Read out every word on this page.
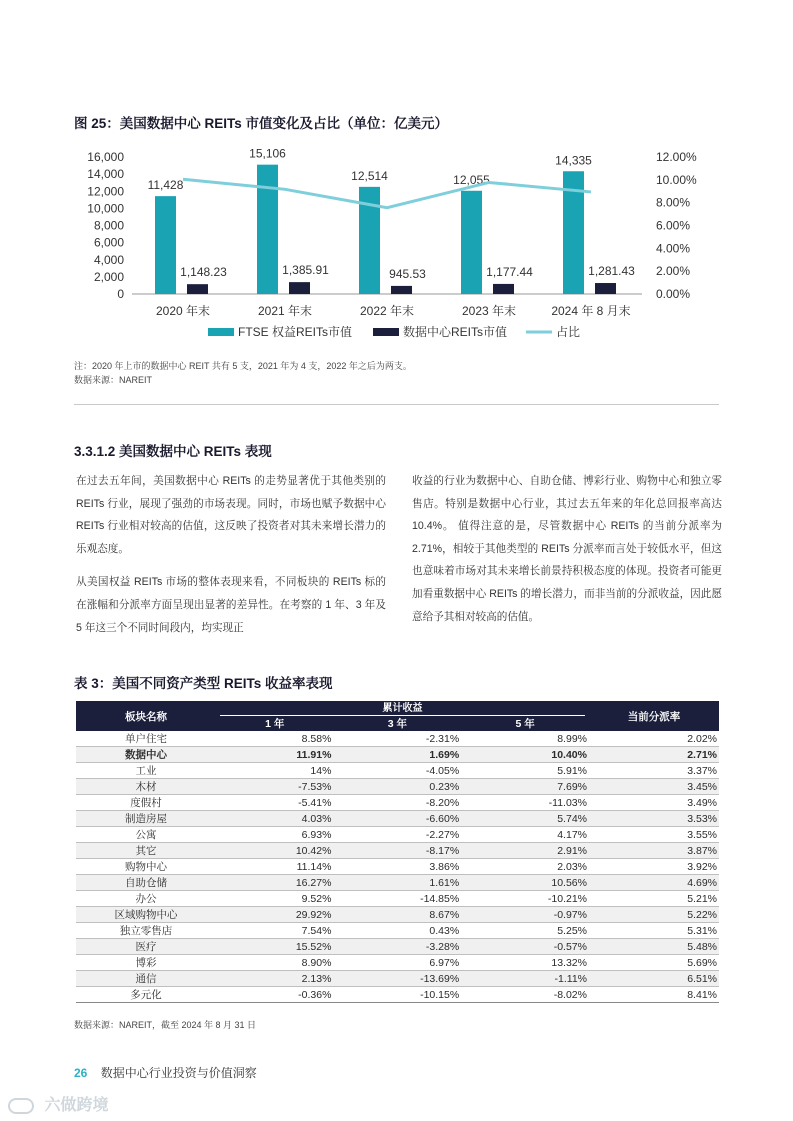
图 25：美国数据中心 REITs 市值变化及占比（单位：亿美元）
0
2,000
4,000
6,000
8,000
10,000
12,000
14,000
16,000
0.00%
2.00%
4.00%
6.00%
8.00%
10.00%
12.00%
11,428
1,148.23
2020 年末
15,106
1,385.91
2021 年末
12,514
945.53
2022 年末
12,055
1,177.44
2023 年末
14,335
1,281.43
2024 年 8 月末
FTSE 权益REITs市值	数据中心REITs市值	占比
注：2020 年上市的数据中心 REIT 共有 5 支，2021 年为 4 支，2022 年之后为两支。
数据来源：NAREIT
3.3.1.2 美国数据中心 REITs 表现

在过去五年间，美国数据中心 REITs 的走势显著优于其他类别的 REITs 行业，展现了强劲的市场表现。同时，市场也赋予数据中心 REITs 行业相对较高的估值，这反映了投资者对其未来增长潜力的乐观态度。

从美国权益 REITs 市场的整体表现来看，不同板块的 REITs 标的在涨幅和分派率方面呈现出显著的差异性。在考察的 1 年、3 年及 5 年这三个不同时间段内，均实现正

收益的行业为数据中心、自助仓储、博彩行业、购物中心和独立零售店。特别是数据中心行业，其过去五年来的年化总回报率高达 10.4%。 值得注意的是，尽管数据中心 REITs 的当前分派率为 2.71%，相较于其他类型的 REITs 分派率而言处于较低水平，但这也意味着市场对其未来增长前景持积极态度的体现。投资者可能更加看重数据中心 REITs 的增长潜力，而非当前的分派收益，因此愿意给予其相对较高的估值。

表 3：美国不同资产类型 REITs 收益率表现
板块名称	累计收益			当前分派率
	1 年	3 年	5 年	
单户住宅	8.58%	-2.31%	8.99%	2.02%
数据中心	11.91%	1.69%	10.40%	2.71%
工业	14%	-4.05%	5.91%	3.37%
木材	-7.53%	0.23%	7.69%	3.45%
度假村	-5.41%	-8.20%	-11.03%	3.49%
制造房屋	4.03%	-6.60%	5.74%	3.53%
公寓	6.93%	-2.27%	4.17%	3.55%
其它	10.42%	-8.17%	2.91%	3.87%
购物中心	11.14%	3.86%	2.03%	3.92%
自助仓储	16.27%	1.61%	10.56%	4.69%
办公	9.52%	-14.85%	-10.21%	5.21%
区域购物中心	29.92%	8.67%	-0.97%	5.22%
独立零售店	7.54%	0.43%	5.25%	5.31%
医疗	15.52%	-3.28%	-0.57%	5.48%
博彩	8.90%	6.97%	13.32%	5.69%
通信	2.13%	-13.69%	-1.11%	6.51%
多元化	-0.36%	-10.15%	-8.02%	8.41%
数据来源：NAREIT，截至 2024 年 8 月 31 日
26 数据中心行业投资与价值洞察
六做跨境
